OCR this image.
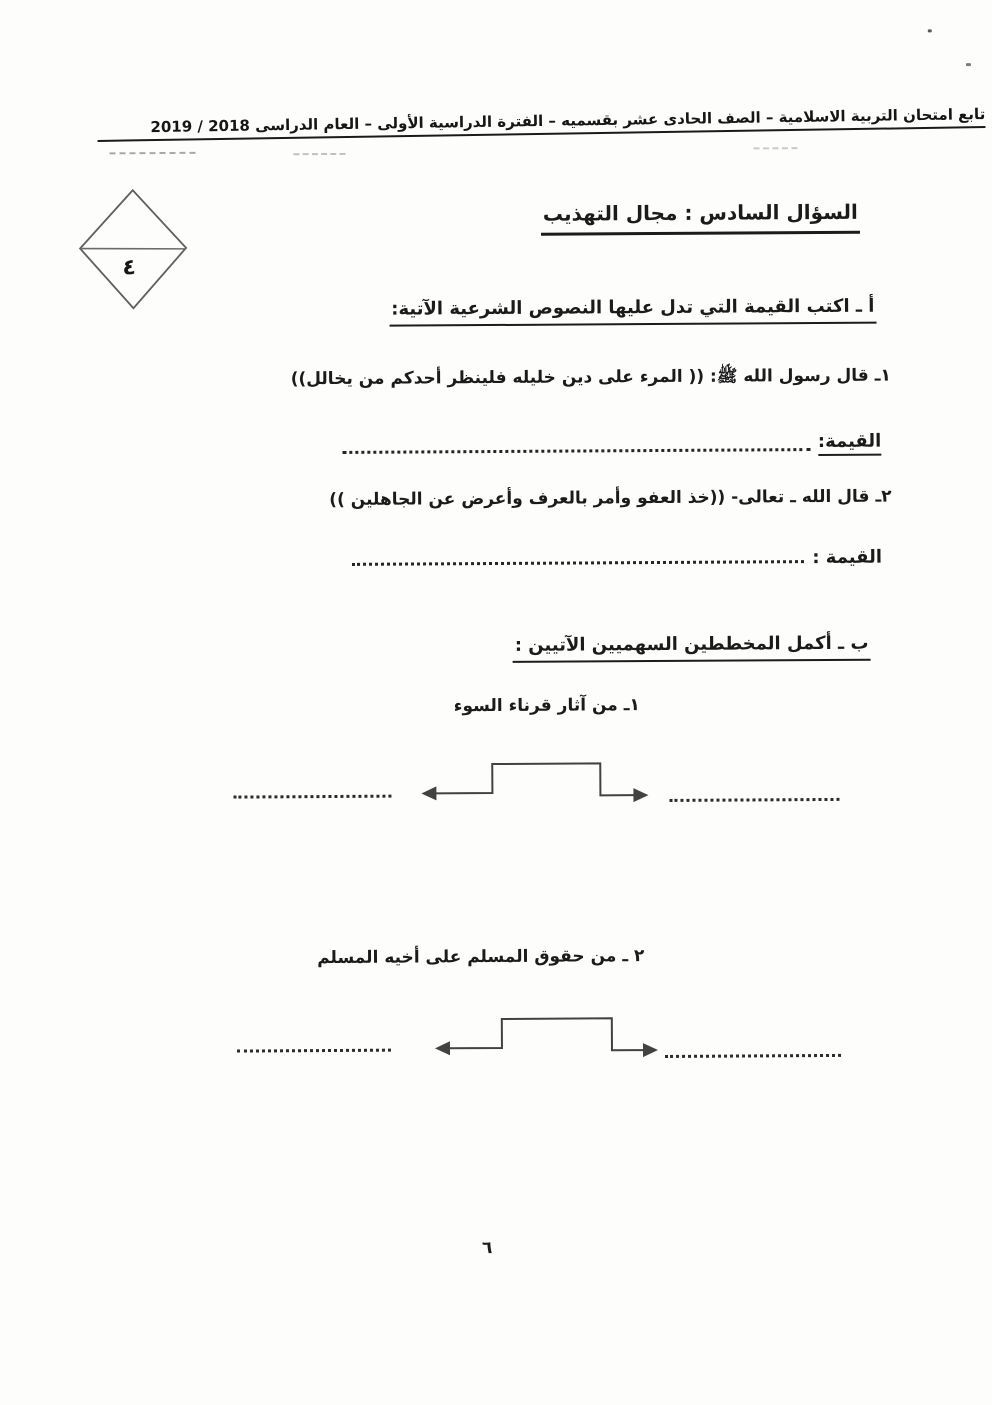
تابع امتحان التربية الاسلامية – الصف الحادى عشر بقسميه – الفترة الدراسية الأولى – العام الدراسى 2018 / 2019
٤
السؤال السادس : مجال التهذيب
أ ـ اكتب القيمة التي تدل عليها النصوص الشرعية الآتية:
١ـ قال رسول الله ﷺ: (( المرء على دين خليله فلينظر أحدكم من يخالل))
القيمة:
٢ـ قال الله ـ تعالى- ((خذ العفو وأمر بالعرف وأعرض عن الجاهلين ))
القيمة :
ب ـ أكمل المخططين السهميين الآتيين :
١ـ من آثار قرناء السوء
٢ ـ من حقوق المسلم على أخيه المسلم
٦
